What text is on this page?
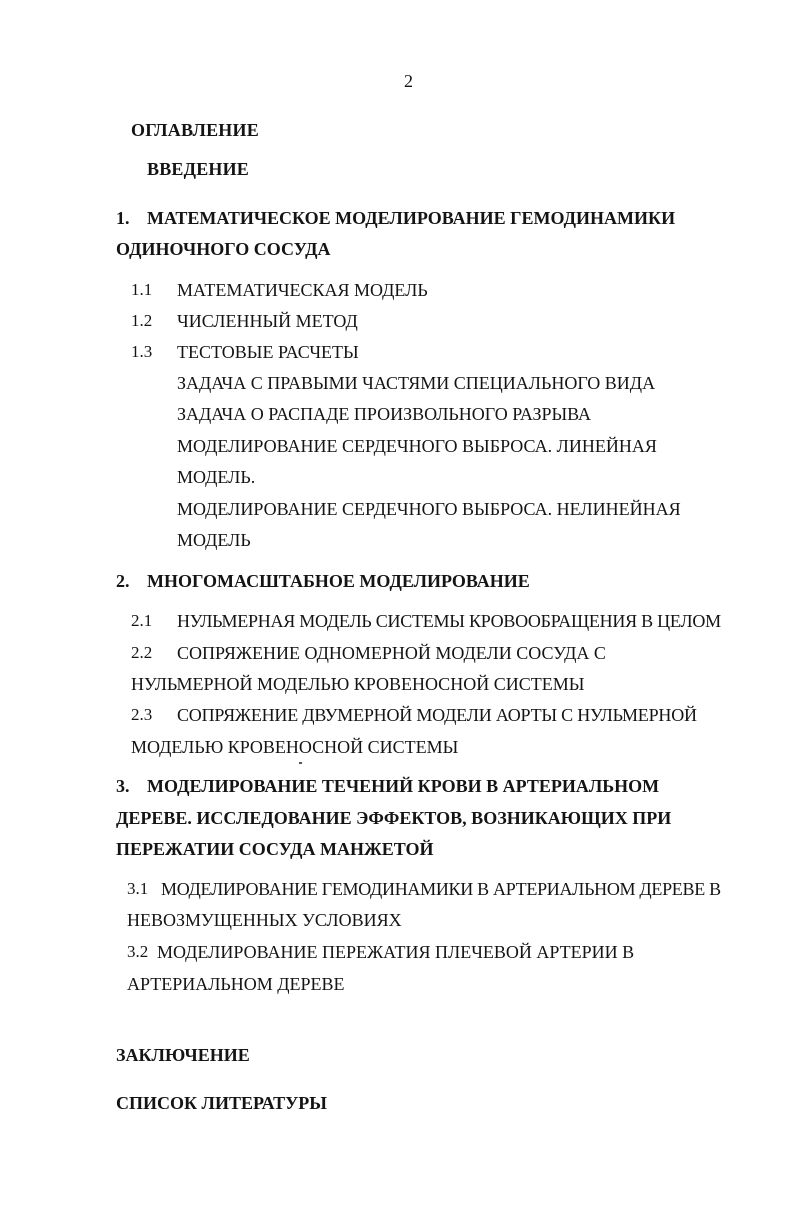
2
ОГЛАВЛЕНИЕ
ВВЕДЕНИЕ
1. МАТЕМАТИЧЕСКОЕ МОДЕЛИРОВАНИЕ ГЕМОДИНАМИКИ
ОДИНОЧНОГО СОСУДА
1.1 МАТЕМАТИЧЕСКАЯ МОДЕЛЬ
1.2 ЧИСЛЕННЫЙ МЕТОД
1.3 ТЕСТОВЫЕ РАСЧЕТЫ
ЗАДАЧА С ПРАВЫМИ ЧАСТЯМИ СПЕЦИАЛЬНОГО ВИДА
ЗАДАЧА О РАСПАДЕ ПРОИЗВОЛЬНОГО РАЗРЫВА
МОДЕЛИРОВАНИЕ СЕРДЕЧНОГО ВЫБРОСА. ЛИНЕЙНАЯ
МОДЕЛЬ.
МОДЕЛИРОВАНИЕ СЕРДЕЧНОГО ВЫБРОСА. НЕЛИНЕЙНАЯ
МОДЕЛЬ
2. МНОГОМАСШТАБНОЕ МОДЕЛИРОВАНИЕ
2.1 НУЛЬМЕРНАЯ МОДЕЛЬ СИСТЕМЫ КРОВООБРАЩЕНИЯ В ЦЕЛОМ
2.2 СОПРЯЖЕНИЕ ОДНОМЕРНОЙ МОДЕЛИ СОСУДА С
НУЛЬМЕРНОЙ МОДЕЛЬЮ КРОВЕНОСНОЙ СИСТЕМЫ
2.3 СОПРЯЖЕНИЕ ДВУМЕРНОЙ МОДЕЛИ АОРТЫ С НУЛЬМЕРНОЙ
МОДЕЛЬЮ КРОВЕНОСНОЙ СИСТЕМЫ
3. МОДЕЛИРОВАНИЕ ТЕЧЕНИЙ КРОВИ В АРТЕРИАЛЬНОМ
ДЕРЕВЕ. ИССЛЕДОВАНИЕ ЭФФЕКТОВ, ВОЗНИКАЮЩИХ ПРИ
ПЕРЕЖАТИИ СОСУДА МАНЖЕТОЙ
3.1 МОДЕЛИРОВАНИЕ ГЕМОДИНАМИКИ В АРТЕРИАЛЬНОМ ДЕРЕВЕ В
НЕВОЗМУЩЕННЫХ УСЛОВИЯХ
3.2 МОДЕЛИРОВАНИЕ ПЕРЕЖАТИЯ ПЛЕЧЕВОЙ АРТЕРИИ В
АРТЕРИАЛЬНОМ ДЕРЕВЕ
ЗАКЛЮЧЕНИЕ
СПИСОК ЛИТЕРАТУРЫ
